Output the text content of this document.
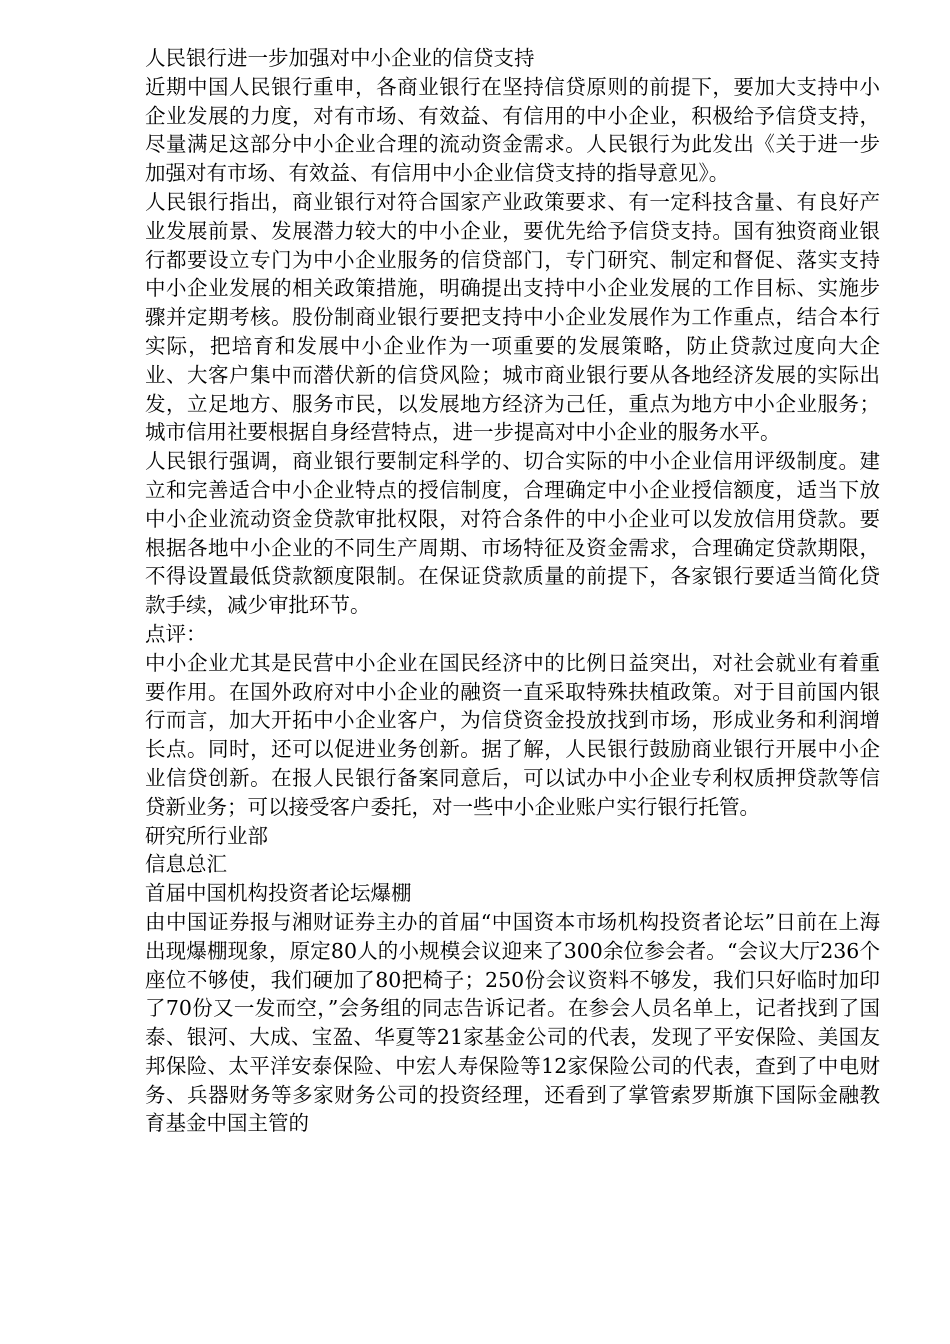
人民银行进一步加强对中小企业的信贷支持

近期中国人民银行重申，各商业银行在坚持信贷原则的前提下，要加大支持中小企业发展的力度，对有市场、有效益、有信用的中小企业，积极给予信贷支持，尽量满足这部分中小企业合理的流动资金需求。人民银行为此发出《关于进一步加强对有市场、有效益、有信用中小企业信贷支持的指导意见》。

人民银行指出，商业银行对符合国家产业政策要求、有一定科技含量、有良好产业发展前景、发展潜力较大的中小企业，要优先给予信贷支持。国有独资商业银行都要设立专门为中小企业服务的信贷部门，专门研究、制定和督促、落实支持中小企业发展的相关政策措施，明确提出支持中小企业发展的工作目标、实施步骤并定期考核。股份制商业银行要把支持中小企业发展作为工作重点，结合本行实际，把培育和发展中小企业作为一项重要的发展策略，防止贷款过度向大企业、大客户集中而潜伏新的信贷风险；城市商业银行要从各地经济发展的实际出发，立足地方、服务市民，以发展地方经济为己任，重点为地方中小企业服务；城市信用社要根据自身经营特点，进一步提高对中小企业的服务水平。

人民银行强调，商业银行要制定科学的、切合实际的中小企业信用评级制度。建立和完善适合中小企业特点的授信制度，合理确定中小企业授信额度，适当下放中小企业流动资金贷款审批权限，对符合条件的中小企业可以发放信用贷款。要根据各地中小企业的不同生产周期、市场特征及资金需求，合理确定贷款期限，不得设置最低贷款额度限制。在保证贷款质量的前提下，各家银行要适当简化贷款手续，减少审批环节。

点评：

中小企业尤其是民营中小企业在国民经济中的比例日益突出，对社会就业有着重要作用。在国外政府对中小企业的融资一直采取特殊扶植政策。对于目前国内银行而言，加大开拓中小企业客户，为信贷资金投放找到市场，形成业务和利润增长点。同时，还可以促进业务创新。据了解，人民银行鼓励商业银行开展中小企业信贷创新。在报人民银行备案同意后，可以试办中小企业专利权质押贷款等信贷新业务；可以接受客户委托，对一些中小企业账户实行银行托管。

研究所行业部

信息总汇

首届中国机构投资者论坛爆棚

由中国证券报与湘财证券主办的首届“中国资本市场机构投资者论坛”日前在上海出现爆棚现象，原定80人的小规模会议迎来了300余位参会者。“会议大厅236个座位不够使，我们硬加了80把椅子；250份会议资料不够发，我们只好临时加印了70份又一发而空，”会务组的同志告诉记者。在参会人员名单上，记者找到了国泰、银河、大成、宝盈、华夏等21家基金公司的代表，发现了平安保险、美国友邦保险、太平洋安泰保险、中宏人寿保险等12家保险公司的代表，查到了中电财务、兵器财务等多家财务公司的投资经理，还看到了掌管索罗斯旗下国际金融教育基金中国主管的
